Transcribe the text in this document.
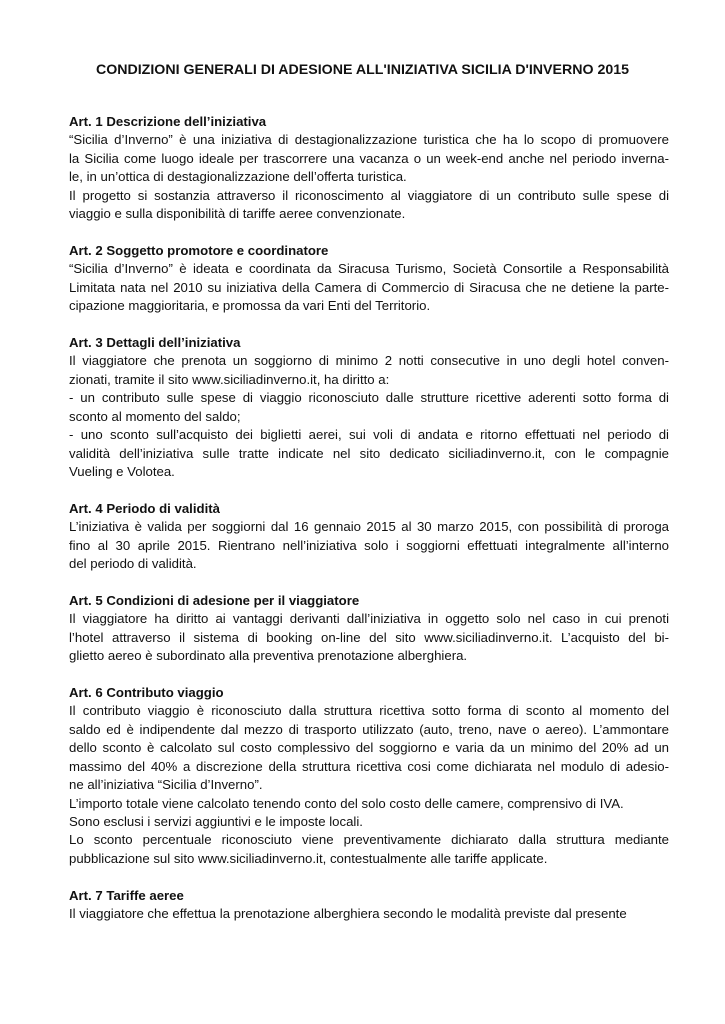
CONDIZIONI GENERALI DI ADESIONE ALL'INIZIATIVA SICILIA D'INVERNO 2015
Art. 1 Descrizione dell’iniziativa
“Sicilia d’Inverno” è una iniziativa di destagionalizzazione turistica che ha lo scopo di promuovere
la Sicilia come luogo ideale per trascorrere una vacanza o un week-end anche nel periodo inverna-
le, in un’ottica di destagionalizzazione dell’offerta turistica.
Il progetto si sostanzia attraverso il riconoscimento al viaggiatore di un contributo sulle spese di
viaggio e sulla disponibilità di tariffe aeree convenzionate.
Art. 2 Soggetto promotore e coordinatore
“Sicilia d’Inverno” è ideata e coordinata da Siracusa Turismo, Società Consortile a Responsabilità
Limitata nata nel 2010 su iniziativa della Camera di Commercio di Siracusa che ne detiene la parte-
cipazione maggioritaria, e promossa da vari Enti del Territorio.
Art. 3 Dettagli dell’iniziativa
Il viaggiatore che prenota un soggiorno di minimo 2 notti consecutive in uno degli hotel conven-
zionati, tramite il sito www.siciliadinverno.it, ha diritto a:
- un contributo sulle spese di viaggio riconosciuto dalle strutture ricettive aderenti sotto forma di
sconto al momento del saldo;
- uno sconto sull’acquisto dei biglietti aerei, sui voli di andata e ritorno effettuati nel periodo di
validità dell’iniziativa sulle tratte indicate nel sito dedicato siciliadinverno.it, con le compagnie
Vueling e Volotea.
Art. 4 Periodo di validità
L’iniziativa è valida per soggiorni dal 16 gennaio 2015 al 30 marzo 2015, con possibilità di proroga
fino al 30 aprile 2015. Rientrano nell’iniziativa solo i soggiorni effettuati integralmente all’interno
del periodo di validità.
Art. 5 Condizioni di adesione per il viaggiatore
Il viaggiatore ha diritto ai vantaggi derivanti dall’iniziativa in oggetto solo nel caso in cui prenoti
l’hotel attraverso il sistema di booking on-line del sito www.siciliadinverno.it. L’acquisto del bi-
glietto aereo è subordinato alla preventiva prenotazione alberghiera.
Art. 6 Contributo viaggio
Il contributo viaggio è riconosciuto dalla struttura ricettiva sotto forma di sconto al momento del
saldo ed è indipendente dal mezzo di trasporto utilizzato (auto, treno, nave o aereo). L’ammontare
dello sconto è calcolato sul costo complessivo del soggiorno e varia da un minimo del 20% ad un
massimo del 40% a discrezione della struttura ricettiva cosi come dichiarata nel modulo di adesio-
ne all’iniziativa “Sicilia d’Inverno”.
L’importo totale viene calcolato tenendo conto del solo costo delle camere, comprensivo di IVA.
Sono esclusi i servizi aggiuntivi e le imposte locali.
Lo sconto percentuale riconosciuto viene preventivamente dichiarato dalla struttura mediante
pubblicazione sul sito www.siciliadinverno.it, contestualmente alle tariffe applicate.
Art. 7 Tariffe aeree
Il viaggiatore che effettua la prenotazione alberghiera secondo le modalità previste dal presente
